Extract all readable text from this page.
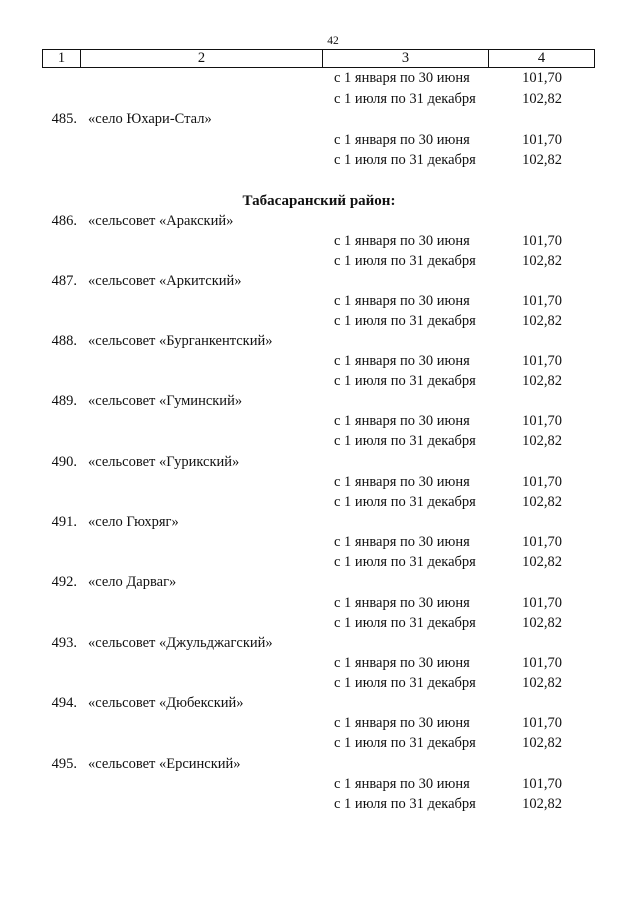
42
1	2	3	4
с 1 января по 30 июня	101,70
с 1 июля по 31 декабря	102,82
485. «село Юхари-Стал»
с 1 января по 30 июня	101,70
с 1 июля по 31 декабря	102,82
Табасаранский район:
486. «сельсовет «Аракский»
с 1 января по 30 июня	101,70
с 1 июля по 31 декабря	102,82
487. «сельсовет «Аркитский»
с 1 января по 30 июня	101,70
с 1 июля по 31 декабря	102,82
488. «сельсовет «Бурганкентский»
с 1 января по 30 июня	101,70
с 1 июля по 31 декабря	102,82
489. «сельсовет «Гуминский»
с 1 января по 30 июня	101,70
с 1 июля по 31 декабря	102,82
490. «сельсовет «Гурикский»
с 1 января по 30 июня	101,70
с 1 июля по 31 декабря	102,82
491. «село Гюхряг»
с 1 января по 30 июня	101,70
с 1 июля по 31 декабря	102,82
492. «село Дарваг»
с 1 января по 30 июня	101,70
с 1 июля по 31 декабря	102,82
493. «сельсовет «Джульджагский»
с 1 января по 30 июня	101,70
с 1 июля по 31 декабря	102,82
494. «сельсовет «Дюбекский»
с 1 января по 30 июня	101,70
с 1 июля по 31 декабря	102,82
495. «сельсовет «Ерсинский»
с 1 января по 30 июня	101,70
с 1 июля по 31 декабря	102,82
